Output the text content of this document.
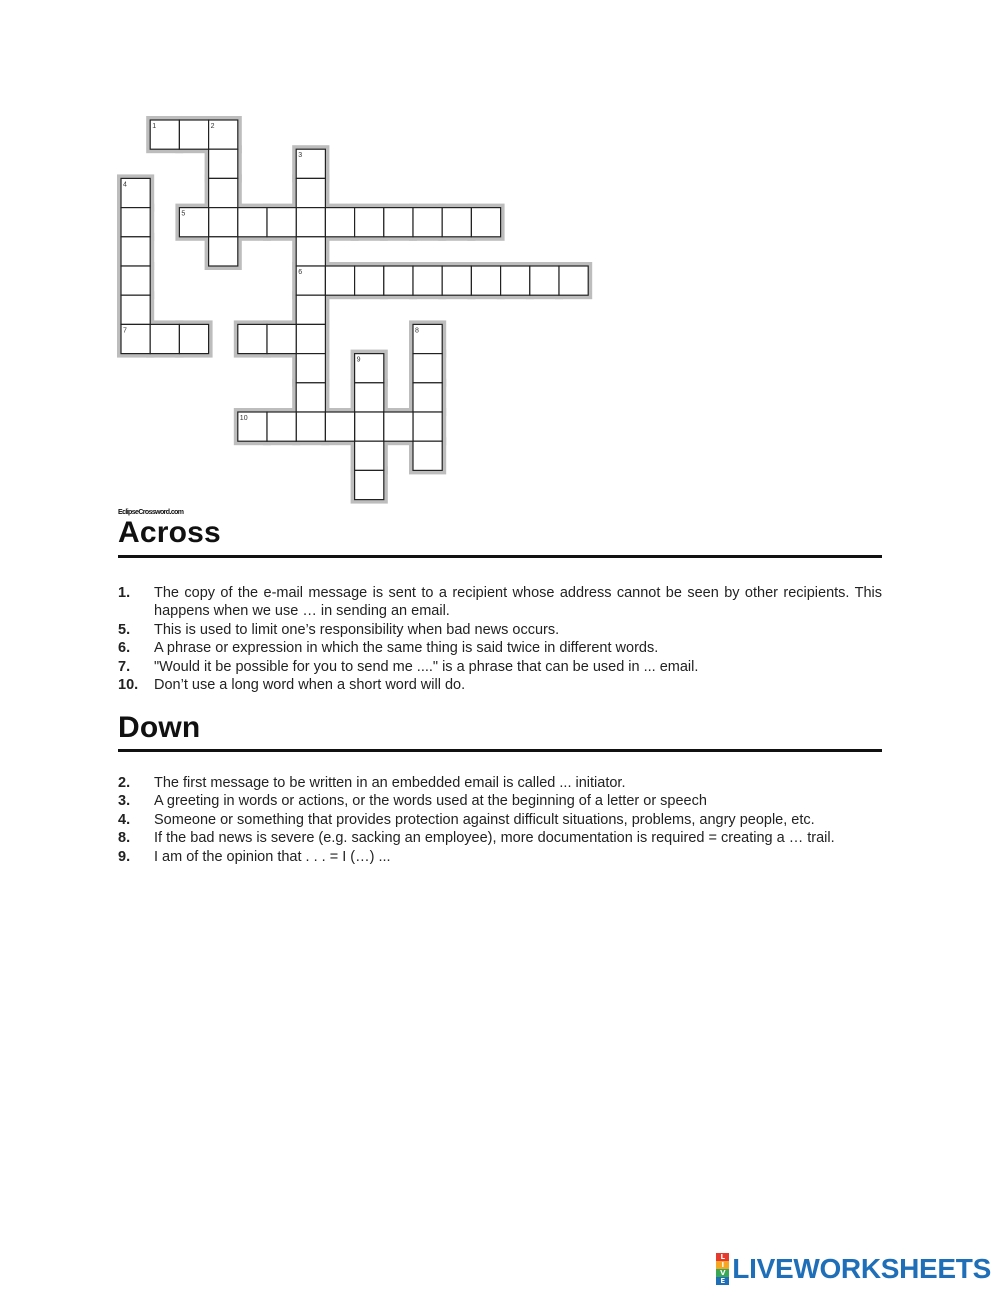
1	2
3
4
5
6
7	8
9
10
EclipseCrossword.com
Across
1.	The copy of the e-mail message is sent to a recipient whose address cannot be seen by other recipients. This happens when we use … in sending an email.
5.	This is used to limit one’s responsibility when bad news occurs.
6.	A phrase or expression in which the same thing is said twice in different words.
7.	"Would it be possible for you to send me ...." is a phrase that can be used in ... email.
10.	Don’t use a long word when a short word will do.
Down
2.	The first message to be written in an embedded email is called ... initiator.
3.	A greeting in words or actions, or the words used at the beginning of a letter or speech
4.	Someone or something that provides protection against difficult situations, problems, angry people, etc.
8.	If the bad news is severe (e.g. sacking an employee), more documentation is required = creating a … trail.
9.	I am of the opinion that . . . = I (…) ...
L
I
V
E LIVEWORKSHEETS
